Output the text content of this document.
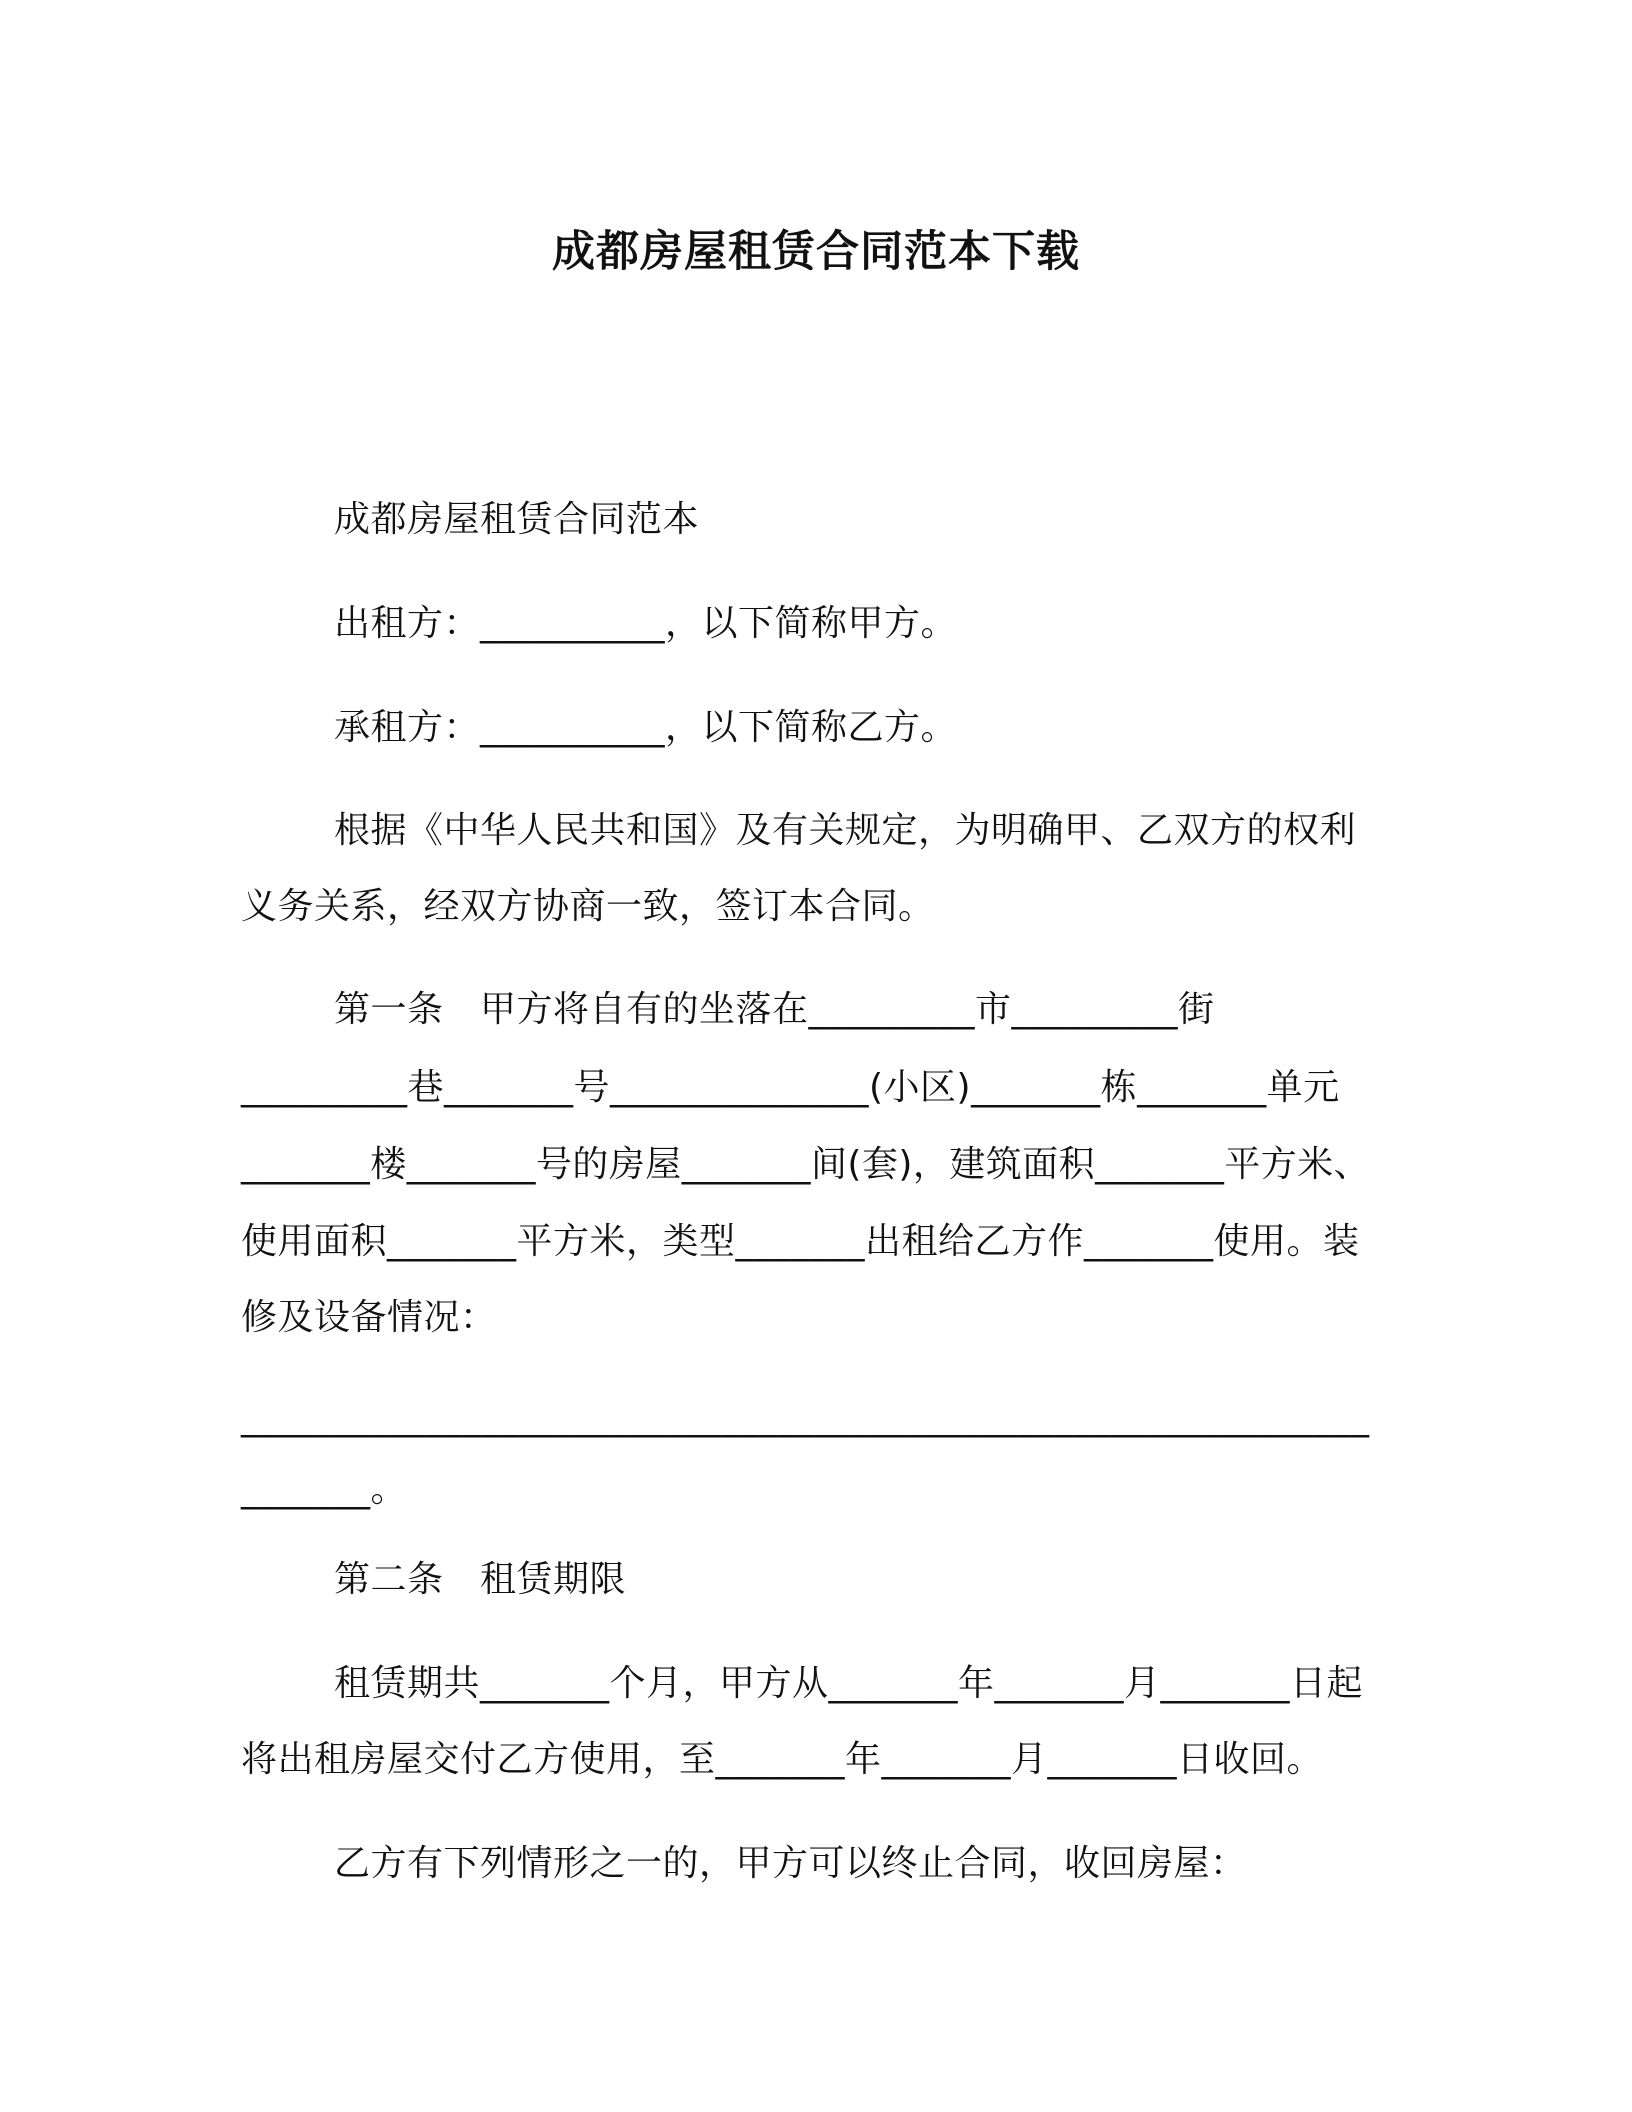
成都房屋租赁合同范本下载
成都房屋租赁合同范本
出租方：__________，以下简称甲方。
承租方：__________，以下简称乙方。
根据《中华人民共和国》及有关规定，为明确甲、乙双方的权利
义务关系，经双方协商一致，签订本合同。
第一条　甲方将自有的坐落在_________市_________街
_________巷_______号______________(小区)_______栋_______单元
_______楼_______号的房屋_______间(套)，建筑面积_______平方米、
使用面积_______平方米，类型_______出租给乙方作_______使用。装
修及设备情况：
_____________________________________________________________
_______。
第二条　租赁期限
租赁期共_______个月，甲方从_______年_______月_______日起
将出租房屋交付乙方使用，至_______年_______月_______日收回。
乙方有下列情形之一的，甲方可以终止合同，收回房屋：
